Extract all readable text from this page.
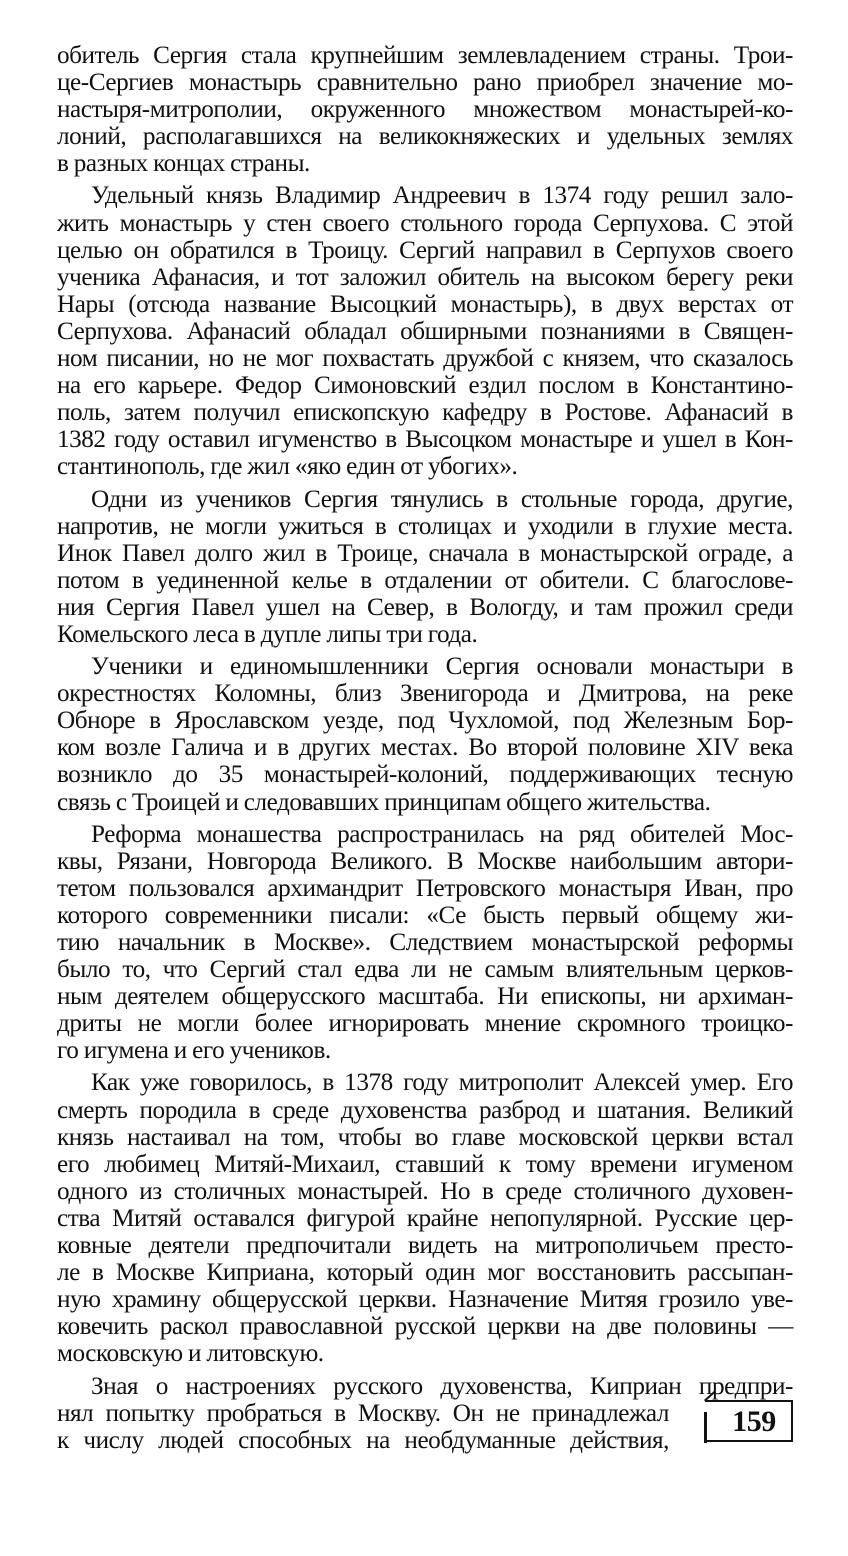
обитель Сергия стала крупнейшим землевладением страны. Трои-
це-Сергиев монастырь сравнительно рано приобрел значение мо-
настыря-митрополии, окруженного множеством монастырей-ко-
лоний, располагавшихся на великокняжеских и удельных землях
в разных концах страны.

Удельный князь Владимир Андреевич в 1374 году решил зало-
жить монастырь у стен своего стольного города Серпухова. С этой
целью он обратился в Троицу. Сергий направил в Серпухов своего
ученика Афанасия, и тот заложил обитель на высоком берегу реки
Нары (отсюда название Высоцкий монастырь), в двух верстах от
Серпухова. Афанасий обладал обширными познаниями в Священ-
ном писании, но не мог похвастать дружбой с князем, что сказалось
на его карьере. Федор Симоновский ездил послом в Константино-
поль, затем получил епископскую кафедру в Ростове. Афанасий в
1382 году оставил игуменство в Высоцком монастыре и ушел в Кон-
стантинополь, где жил «яко един от убогих».

Одни из учеников Сергия тянулись в стольные города, другие,
напротив, не могли ужиться в столицах и уходили в глухие места.
Инок Павел долго жил в Троице, сначала в монастырской ограде, а
потом в уединенной келье в отдалении от обители. С благослове-
ния Сергия Павел ушел на Север, в Вологду, и там прожил среди
Комельского леса в дупле липы три года.

Ученики и единомышленники Сергия основали монастыри в
окрестностях Коломны, близ Звенигорода и Дмитрова, на реке
Обноре в Ярославском уезде, под Чухломой, под Железным Бор-
ком возле Галича и в других местах. Во второй половине XIV века
возникло до 35 монастырей-колоний, поддерживающих тесную
связь с Троицей и следовавших принципам общего жительства.

Реформа монашества распространилась на ряд обителей Мос-
квы, Рязани, Новгорода Великого. В Москве наибольшим автори-
тетом пользовался архимандрит Петровского монастыря Иван, про
которого современники писали: «Се бысть первый общему жи-
тию начальник в Москве». Следствием монастырской реформы
было то, что Сергий стал едва ли не самым влиятельным церков-
ным деятелем общерусского масштаба. Ни епископы, ни архиман-
дриты не могли более игнорировать мнение скромного троицко-
го игумена и его учеников.

Как уже говорилось, в 1378 году митрополит Алексей умер. Его
смерть породила в среде духовенства разброд и шатания. Великий
князь настаивал на том, чтобы во главе московской церкви встал
его любимец Митяй-Михаил, ставший к тому времени игуменом
одного из столичных монастырей. Но в среде столичного духовен-
ства Митяй оставался фигурой крайне непопулярной. Русские цер-
ковные деятели предпочитали видеть на митрополичьем престо-
ле в Москве Киприана, который один мог восстановить рассыпан-
ную храмину общерусской церкви. Назначение Митяя грозило уве-
ковечить раскол православной русской церкви на две половины —
московскую и литовскую.

Зная о настроениях русского духовенства, Киприан предпри-
нял попытку пробраться в Москву. Он не принадлежал
к числу людей способных на необдуманные действия,

159
